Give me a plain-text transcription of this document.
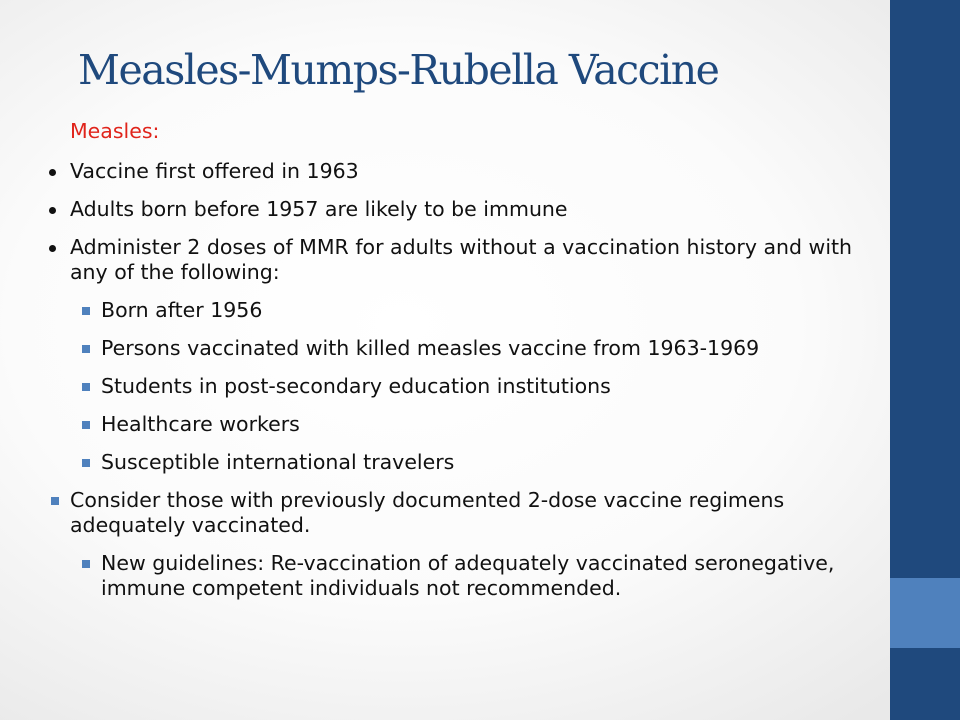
Measles-Mumps-Rubella Vaccine
Measles:
Vaccine first offered in 1963
Adults born before 1957 are likely to be immune
Administer 2 doses of MMR for adults without a vaccination history and with any of the following:
Born after 1956
Persons vaccinated with killed measles vaccine from 1963-1969
Students in post-secondary education institutions
Healthcare workers
Susceptible international travelers
Consider those with previously documented 2-dose vaccine regimens adequately vaccinated.
New guidelines: Re-vaccination of adequately vaccinated seronegative, immune competent individuals not recommended.
